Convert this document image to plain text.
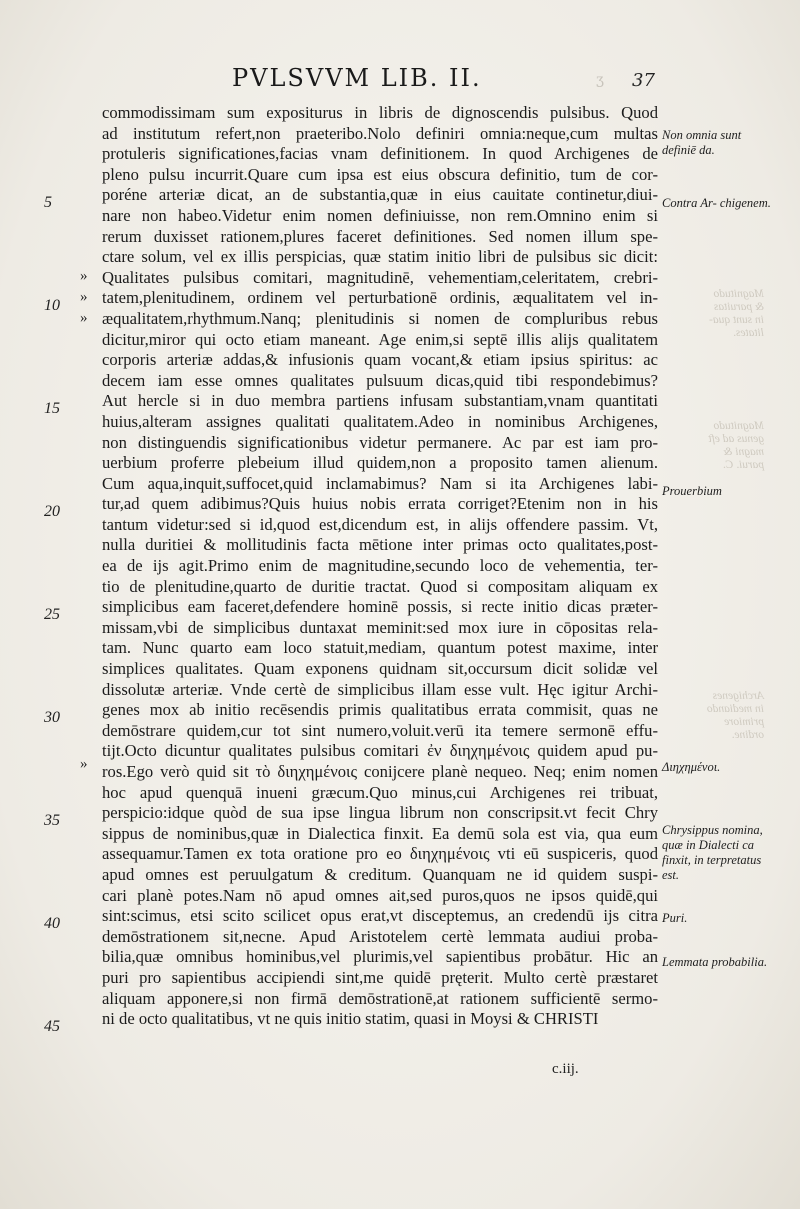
PVLSVVM LIB. II.	ʒ 37
commodissimam sum expositurus in libris de dignoscendis pulsibus. Quod
ad institutum refert,non praeteribo.Nolo definiri omnia:neque,cum multas
protuleris significationes,facias vnam definitionem. In quod Archigenes de
pleno pulsu incurrit.Quare cum ipsa est eius obscura definitio, tum de cor-
poréne arteriæ dicat, an de substantia,quæ in eius cauitate continetur,diui-
nare non habeo.Videtur enim nomen definiuisse, non rem.Omnino enim si
rerum duxisset rationem,plures faceret definitiones. Sed nomen illum spe-
ctare solum, vel ex illis perspicias, quæ statim initio libri de pulsibus sic dicit:
Qualitates pulsibus comitari, magnitudinē, vehementiam,celeritatem, crebri-
tatem,plenitudinem, ordinem vel perturbationē ordinis, æqualitatem vel in-
æqualitatem,rhythmum.Nanq; plenitudinis si nomen de compluribus rebus
dicitur,miror qui octo etiam maneant. Age enim,si septē illis alijs qualitatem
corporis arteriæ addas,& infusionis quam vocant,& etiam ipsius spiritus: ac
decem iam esse omnes qualitates pulsuum dicas,quid tibi respondebimus?
Aut hercle si in duo membra partiens infusam substantiam,vnam quantitati
huius,alteram assignes qualitati qualitatem.Adeo in nominibus Archigenes,
non distinguendis significationibus videtur permanere. Ac par est iam pro-
uerbium proferre plebeium illud quidem,non a proposito tamen alienum.
Cum aqua,inquit,suffocet,quid inclamabimus? Nam si ita Archigenes labi-
tur,ad quem adibimus?Quis huius nobis errata corriget?Etenim non in his
tantum videtur:sed si id,quod est,dicendum est, in alijs offendere passim. Vt,
nulla duritiei & mollitudinis facta mētione inter primas octo qualitates,post-
ea de ijs agit.Primo enim de magnitudine,secundo loco de vehementia, ter-
tio de plenitudine,quarto de duritie tractat. Quod si compositam aliquam ex
simplicibus eam faceret,defendere hominē possis, si recte initio dicas præter-
missam,vbi de simplicibus duntaxat meminit:sed mox iure in cōpositas rela-
tam. Nunc quarto eam loco statuit,mediam, quantum potest maxime, inter
simplices qualitates. Quam exponens quidnam sit,occursum dicit solidæ vel
dissolutæ arteriæ. Vnde certè de simplicibus illam esse vult. Hęc igitur Archi-
genes mox ab initio recēsendis primis qualitatibus errata commisit, quas ne
demōstrare quidem,cur tot sint numero,voluit.verū ita temere sermonē effu-
tijt.Octo dicuntur qualitates pulsibus comitari ἐν διηχημένοις quidem apud pu-
ros.Ego verò quid sit τὸ διηχημένοις conijcere planè nequeo. Neq; enim nomen
hoc apud quenquā inueni græcum.Quo minus,cui Archigenes rei tribuat,
perspicio:idque quòd de sua ipse lingua librum non conscripsit.vt fecit Chry
sippus de nominibus,quæ in Dialectica finxit. Ea demū sola est via, qua eum
assequamur.Tamen ex tota oratione pro eo διηχημένοις vti eū suspiceris, quod
apud omnes est peruulgatum & creditum. Quanquam ne id quidem suspi-
cari planè potes.Nam nō apud omnes ait,sed puros,quos ne ipsos quidē,qui
sint:scimus, etsi scito scilicet opus erat,vt disceptemus, an credendū ijs citra
demōstrationem sit,necne. Apud Aristotelem certè lemmata audiui proba-
bilia,quæ omnibus hominibus,vel plurimis,vel sapientibus probātur. Hic an
puri pro sapientibus accipiendi sint,me quidē pręterit. Multo certè præstaret
aliquam apponere,si non firmā demōstrationē,at rationem sufficientē sermo-
ni de octo qualitatibus, vt ne quis initio statim, quasi in Moysi & CHRISTI
5
10
15
20
25
30
35
40
45
»
»
»
»
Non omnia sunt definiē da.
Contra Ar- chigenem.
Prouerbium
Διηχημένοι.
Chrysippus nomina, quæ in Dialecti ca finxit, in terpretatus est.
Puri.
Lemmata probabilia.
Magnitudo
& paruitas
in sunt qua-
litates.
Magnitudo
genus ad eft
magni &
parui. C.
Archigenes
in mediando
primiore
ordine.
c.iij.
